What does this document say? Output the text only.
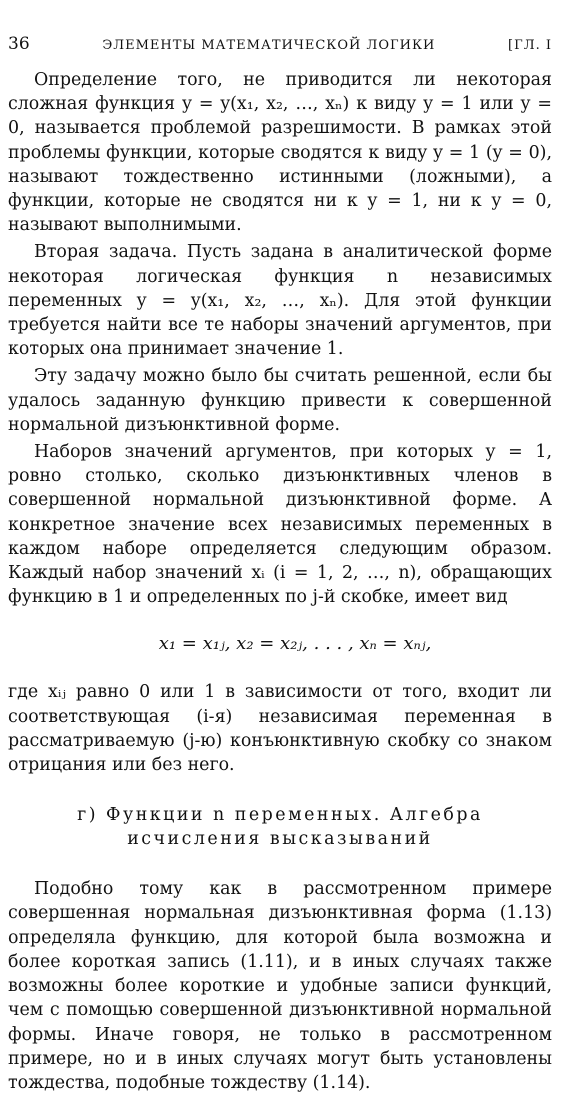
36	ЭЛЕМЕНТЫ МАТЕМАТИЧЕСКОЙ ЛОГИКИ	[ГЛ. I

Определение того, не приводится ли некоторая сложная функция y = y(x₁, x₂, …, xₙ) к виду y = 1 или y = 0, называется проблемой разрешимости. В рамках этой проблемы функции, которые сводятся к виду y = 1 (y = 0), называют тождественно истинными (ложными), а функции, которые не сводятся ни к y = 1, ни к y = 0, называют выполнимыми.

Вторая задача. Пусть задана в аналитической форме некоторая логическая функция n независимых переменных y = y(x₁, x₂, …, xₙ). Для этой функции требуется найти все те наборы значений аргументов, при которых она принимает значение 1.

Эту задачу можно было бы считать решенной, если бы удалось заданную функцию привести к совершенной нормальной дизъюнктивной форме.

Наборов значений аргументов, при которых y = 1, ровно столько, сколько дизъюнктивных членов в совершенной нормальной дизъюнктивной форме. А конкретное значение всех независимых переменных в каждом наборе определяется следующим образом. Каждый набор значений xᵢ (i = 1, 2, …, n), обращающих функцию в 1 и определенных по j-й скобке, имеет вид

x₁ = x₁ⱼ, x₂ = x₂ⱼ, . . . , xₙ = xₙⱼ,

где xᵢⱼ равно 0 или 1 в зависимости от того, входит ли соответствующая (i-я) независимая переменная в рассматриваемую (j-ю) конъюнктивную скобку со знаком отрицания или без него.

г) Функции n переменных. Алгебра
исчисления высказываний

Подобно тому как в рассмотренном примере совершенная нормальная дизъюнктивная форма (1.13) определяла функцию, для которой была возможна и более короткая запись (1.11), и в иных случаях также возможны более короткие и удобные записи функций, чем с помощью совершенной дизъюнктивной нормальной формы. Иначе говоря, не только в рассмотренном примере, но и в иных случаях могут быть установлены тождества, подобные тождеству (1.14).
